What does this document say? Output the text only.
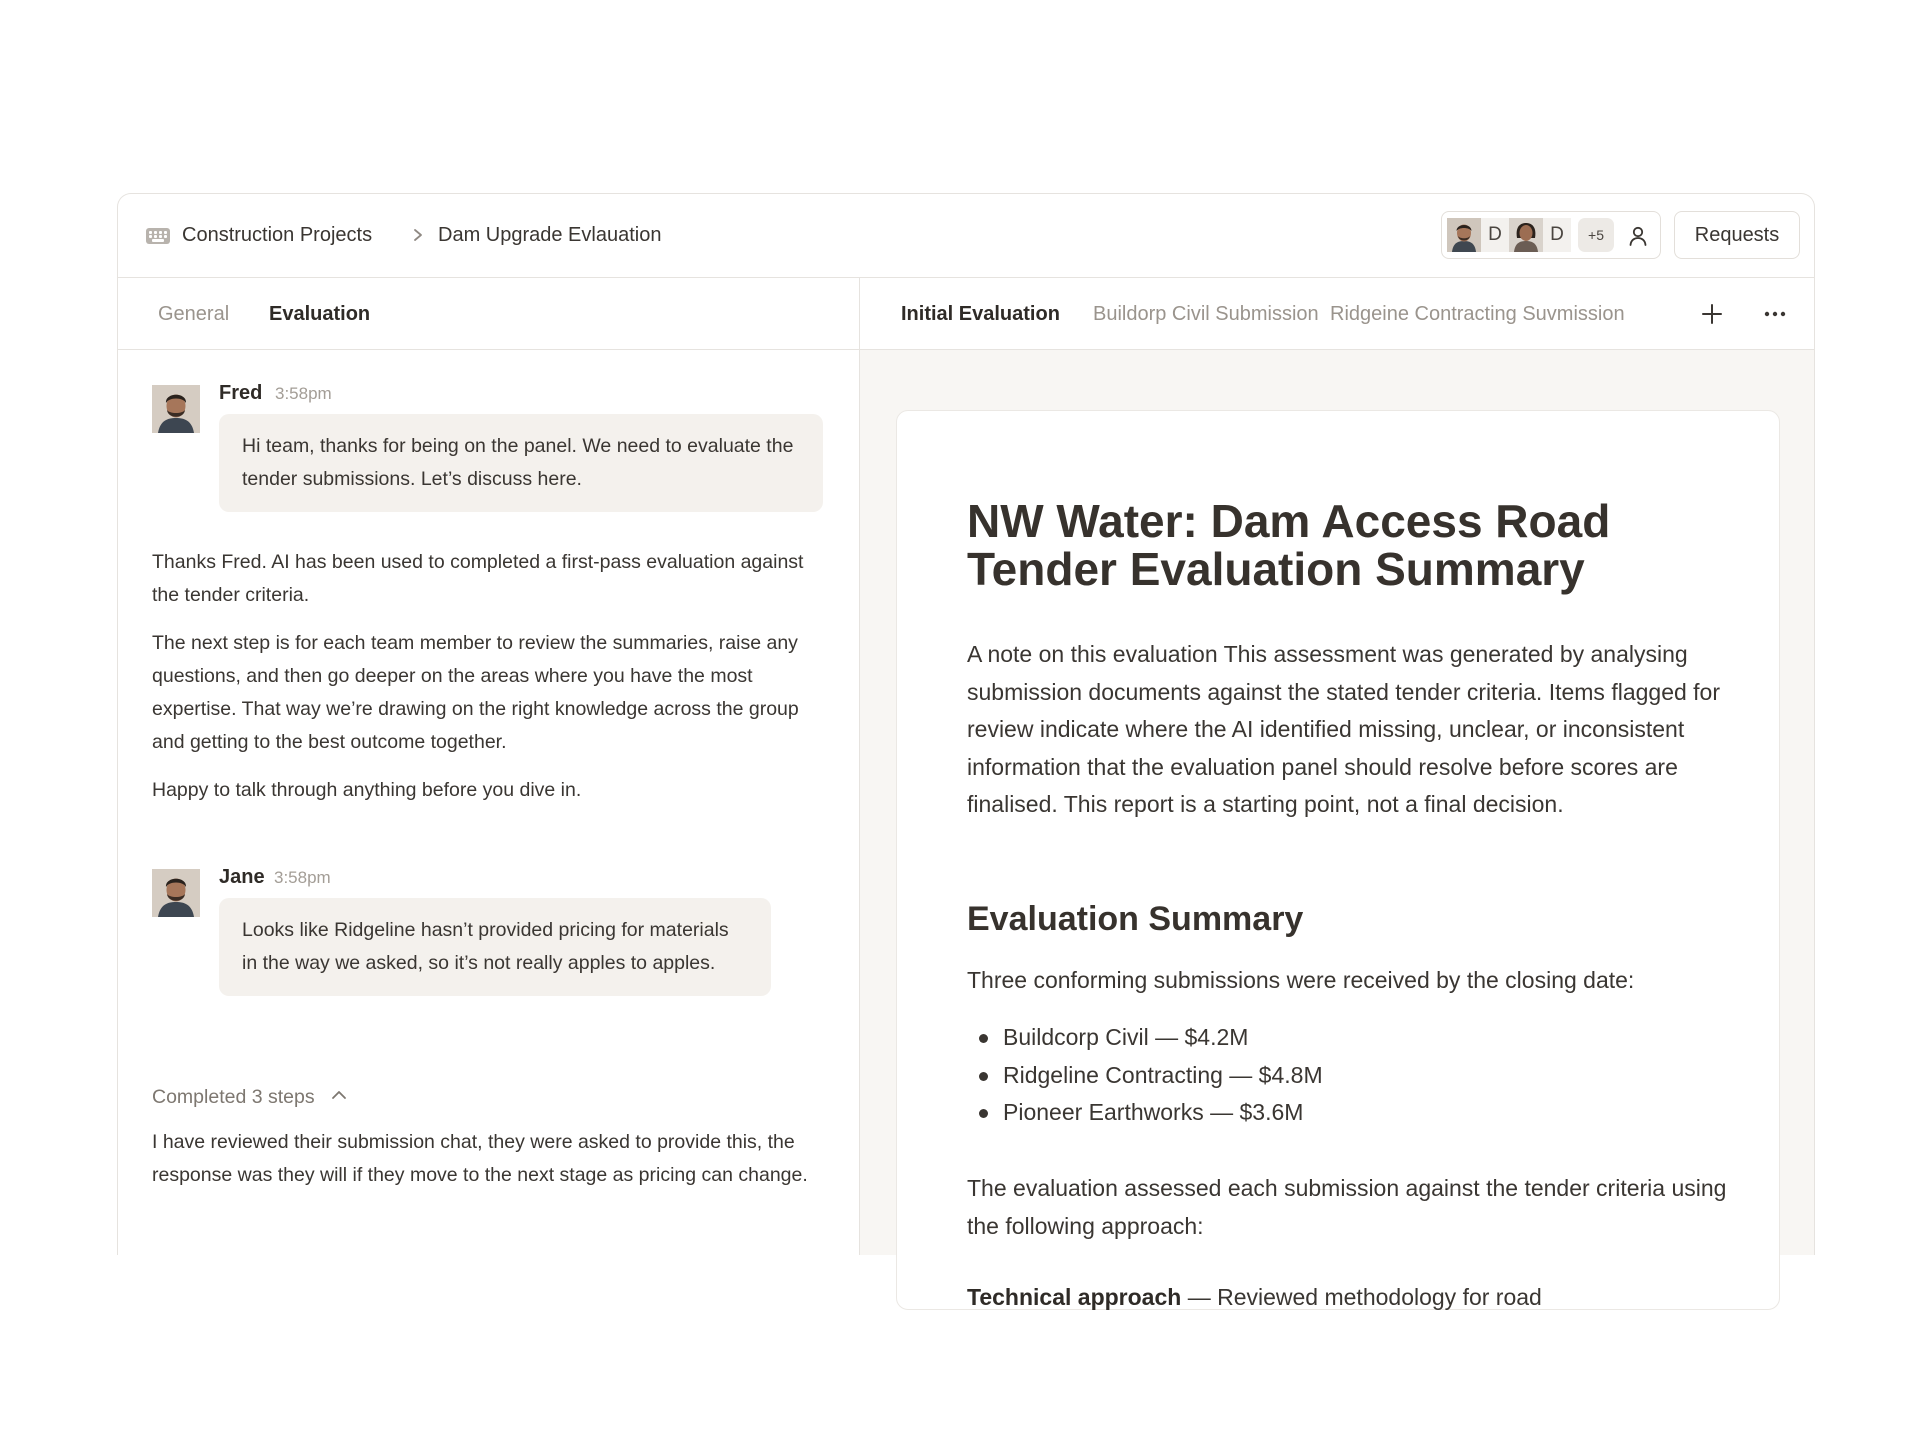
Construction Projects	Dam Upgrade Evlauation	D	D	+5	Requests
General Evaluation
Fred 3:58pm
Hi team, thanks for being on the panel. We need to evaluate the tender submissions. Let’s discuss here.
Thanks Fred. AI has been used to completed a first-pass evaluation against the tender criteria.
The next step is for each team member to review the summaries, raise any questions, and then go deeper on the areas where you have the most expertise. That way we’re drawing on the right knowledge across the group and getting to the best outcome together.
Happy to talk through anything before you dive in.
Jane 3:58pm
Looks like Ridgeline hasn’t provided pricing for materials in the way we asked, so it’s not really apples to apples.
Completed 3 steps
I have reviewed their submission chat, they were asked to provide this, the response was they will if they move to the next stage as pricing can change.
Initial Evaluation Buildorp Civil Submission Ridgeine Contracting Suvmission
NW Water: Dam Access Road Tender Evaluation Summary

A note on this evaluation This assessment was generated by analysing submission documents against the stated tender criteria. Items flagged for review indicate where the AI identified missing, unclear, or inconsistent information that the evaluation panel should resolve before scores are finalised. This report is a starting point, not a final decision.

Evaluation Summary

Three conforming submissions were received by the closing date:

Buildcorp Civil — $4.2M
Ridgeline Contracting — $4.8M
Pioneer Earthworks — $3.6M

The evaluation assessed each submission against the tender criteria using the following approach:

Technical approach — Reviewed methodology for road
